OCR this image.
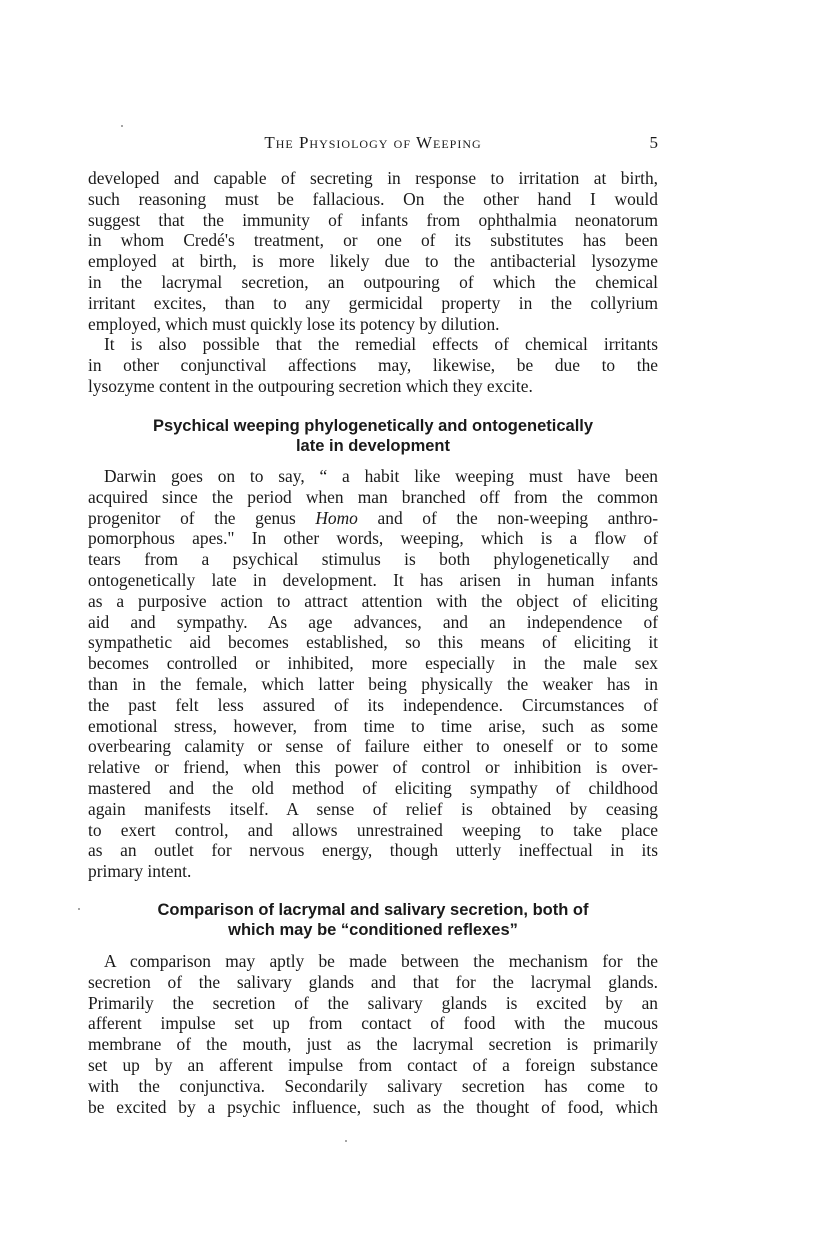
The Physiology of Weeping	5
developed and capable of secreting in response to irritation at birth,
such reasoning must be fallacious. On the other hand I would
suggest that the immunity of infants from ophthalmia neonatorum
in whom Credé's treatment, or one of its substitutes has been
employed at birth, is more likely due to the antibacterial lysozyme
in the lacrymal secretion, an outpouring of which the chemical
irritant excites, than to any germicidal property in the collyrium
employed, which must quickly lose its potency by dilution.
It is also possible that the remedial effects of chemical irritants
in other conjunctival affections may, likewise, be due to the
lysozyme content in the outpouring secretion which they excite.
Psychical weeping phylogenetically and ontogenetically
late in development
Darwin goes on to say, “ a habit like weeping must have been
acquired since the period when man branched off from the common
progenitor of the genus Homo and of the non-weeping anthro-
pomorphous apes." In other words, weeping, which is a flow of
tears from a psychical stimulus is both phylogenetically and
ontogenetically late in development. It has arisen in human infants
as a purposive action to attract attention with the object of eliciting
aid and sympathy. As age advances, and an independence of
sympathetic aid becomes established, so this means of eliciting it
becomes controlled or inhibited, more especially in the male sex
than in the female, which latter being physically the weaker has in
the past felt less assured of its independence. Circumstances of
emotional stress, however, from time to time arise, such as some
overbearing calamity or sense of failure either to oneself or to some
relative or friend, when this power of control or inhibition is over-
mastered and the old method of eliciting sympathy of childhood
again manifests itself. A sense of relief is obtained by ceasing
to exert control, and allows unrestrained weeping to take place
as an outlet for nervous energy, though utterly ineffectual in its
primary intent.
Comparison of lacrymal and salivary secretion, both of
which may be “conditioned reflexes”
A comparison may aptly be made between the mechanism for the
secretion of the salivary glands and that for the lacrymal glands.
Primarily the secretion of the salivary glands is excited by an
afferent impulse set up from contact of food with the mucous
membrane of the mouth, just as the lacrymal secretion is primarily
set up by an afferent impulse from contact of a foreign substance
with the conjunctiva. Secondarily salivary secretion has come to
be excited by a psychic influence, such as the thought of food, which
